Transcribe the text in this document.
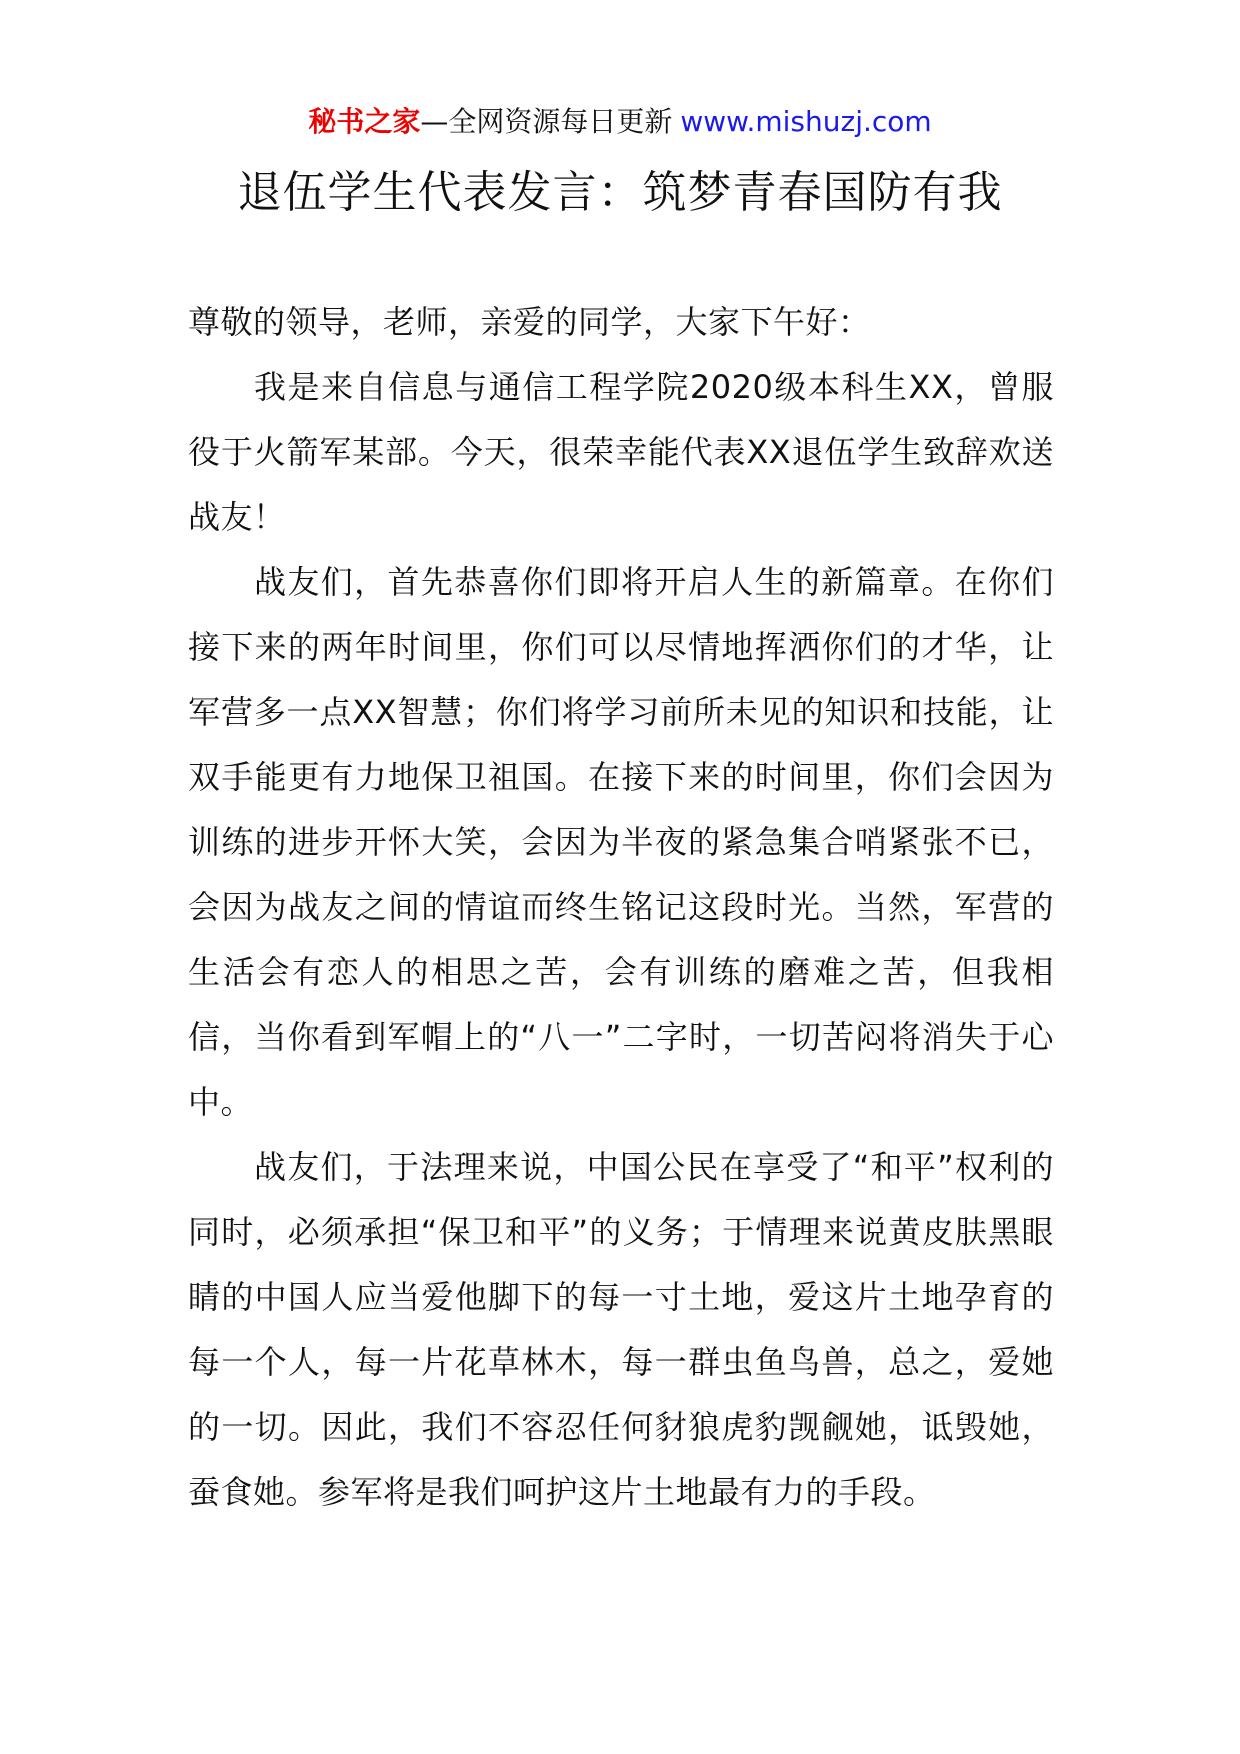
秘书之家—全网资源每日更新 www.mishuzj.com
退伍学生代表发言：筑梦青春国防有我

尊敬的领导，老师，亲爱的同学，大家下午好：

我是来自信息与通信工程学院2020级本科生XX，曾服役于火箭军某部。今天，很荣幸能代表XX退伍学生致辞欢送战友！

战友们，首先恭喜你们即将开启人生的新篇章。在你们接下来的两年时间里，你们可以尽情地挥洒你们的才华，让军营多一点XX智慧；你们将学习前所未见的知识和技能，让双手能更有力地保卫祖国。在接下来的时间里，你们会因为训练的进步开怀大笑，会因为半夜的紧急集合哨紧张不已，会因为战友之间的情谊而终生铭记这段时光。当然，军营的生活会有恋人的相思之苦，会有训练的磨难之苦，但我相信，当你看到军帽上的“八一”二字时，一切苦闷将消失于心中。

战友们，于法理来说，中国公民在享受了“和平”权利的同时，必须承担“保卫和平”的义务；于情理来说黄皮肤黑眼睛的中国人应当爱他脚下的每一寸土地，爱这片土地孕育的每一个人，每一片花草林木，每一群虫鱼鸟兽，总之，爱她的一切。因此，我们不容忍任何豺狼虎豹觊觎她，诋毁她，蚕食她。参军将是我们呵护这片土地最有力的手段。
